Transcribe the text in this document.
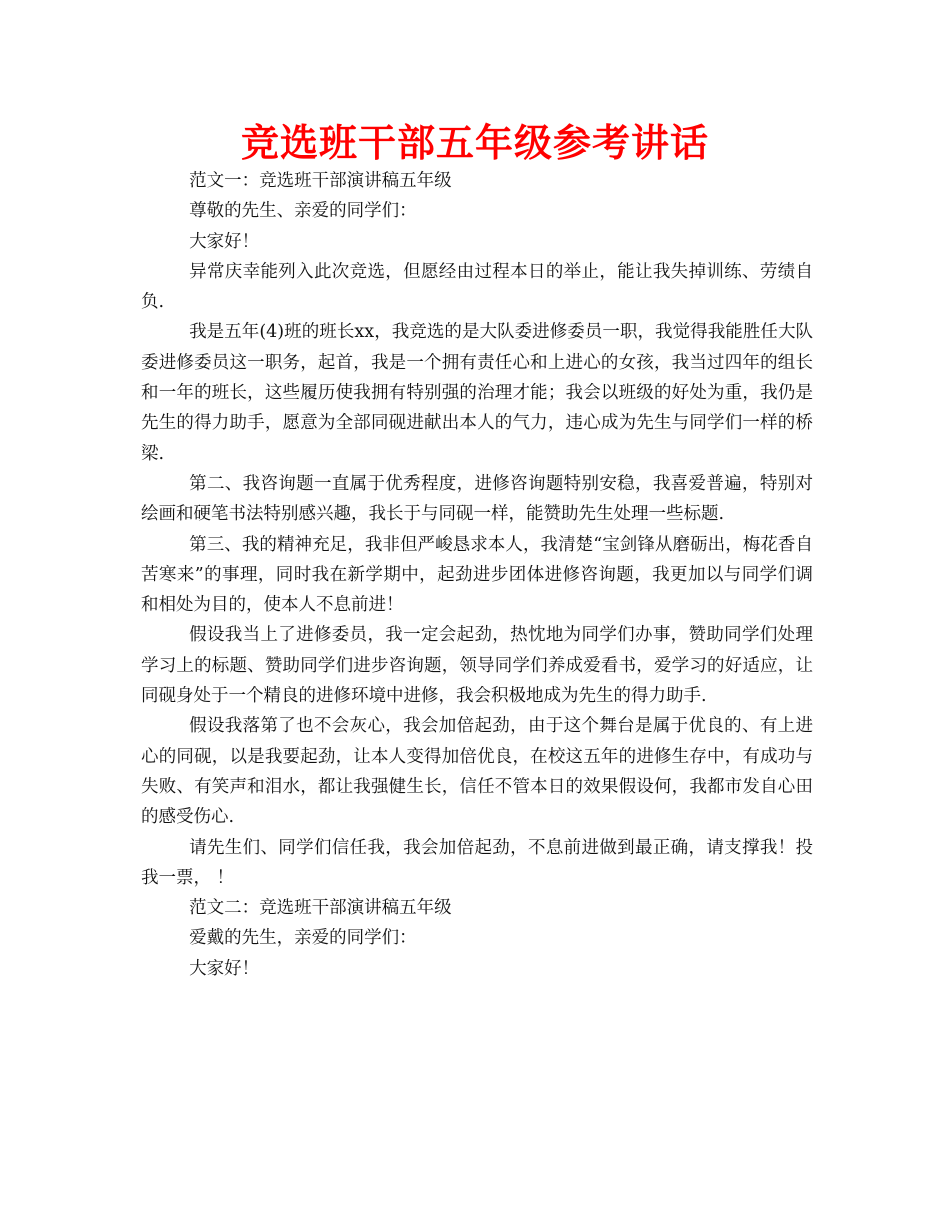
竞选班干部五年级参考讲话

范文一：竞选班干部演讲稿五年级

尊敬的先生、亲爱的同学们：

大家好！

异常庆幸能列入此次竞选，但愿经由过程本日的举止，能让我失掉训练、劳绩自负.

我是五年(4)班的班长xx，我竞选的是大队委进修委员一职，我觉得我能胜任大队委进修委员这一职务，起首，我是一个拥有责任心和上进心的女孩，我当过四年的组长和一年的班长，这些履历使我拥有特别强的治理才能；我会以班级的好处为重，我仍是先生的得力助手，愿意为全部同砚进献出本人的气力，违心成为先生与同学们一样的桥梁.

第二、我咨询题一直属于优秀程度，进修咨询题特别安稳，我喜爱普遍，特别对绘画和硬笔书法特别感兴趣，我长于与同砚一样，能赞助先生处理一些标题.

第三、我的精神充足，我非但严峻恳求本人，我清楚“宝剑锋从磨砺出，梅花香自苦寒来”的事理，同时我在新学期中，起劲进步团体进修咨询题，我更加以与同学们调和相处为目的，使本人不息前进！

假设我当上了进修委员，我一定会起劲，热忱地为同学们办事，赞助同学们处理学习上的标题、赞助同学们进步咨询题，领导同学们养成爱看书，爱学习的好适应，让同砚身处于一个精良的进修环境中进修，我会积极地成为先生的得力助手.

假设我落第了也不会灰心，我会加倍起劲，由于这个舞台是属于优良的、有上进心的同砚，以是我要起劲，让本人变得加倍优良，在校这五年的进修生存中，有成功与失败、有笑声和泪水，都让我强健生长，信任不管本日的效果假设何，我都市发自心田的感受伤心.

请先生们、同学们信任我，我会加倍起劲，不息前进做到最正确，请支撑我！投我一票， ！

范文二：竞选班干部演讲稿五年级

爱戴的先生，亲爱的同学们：

大家好！
